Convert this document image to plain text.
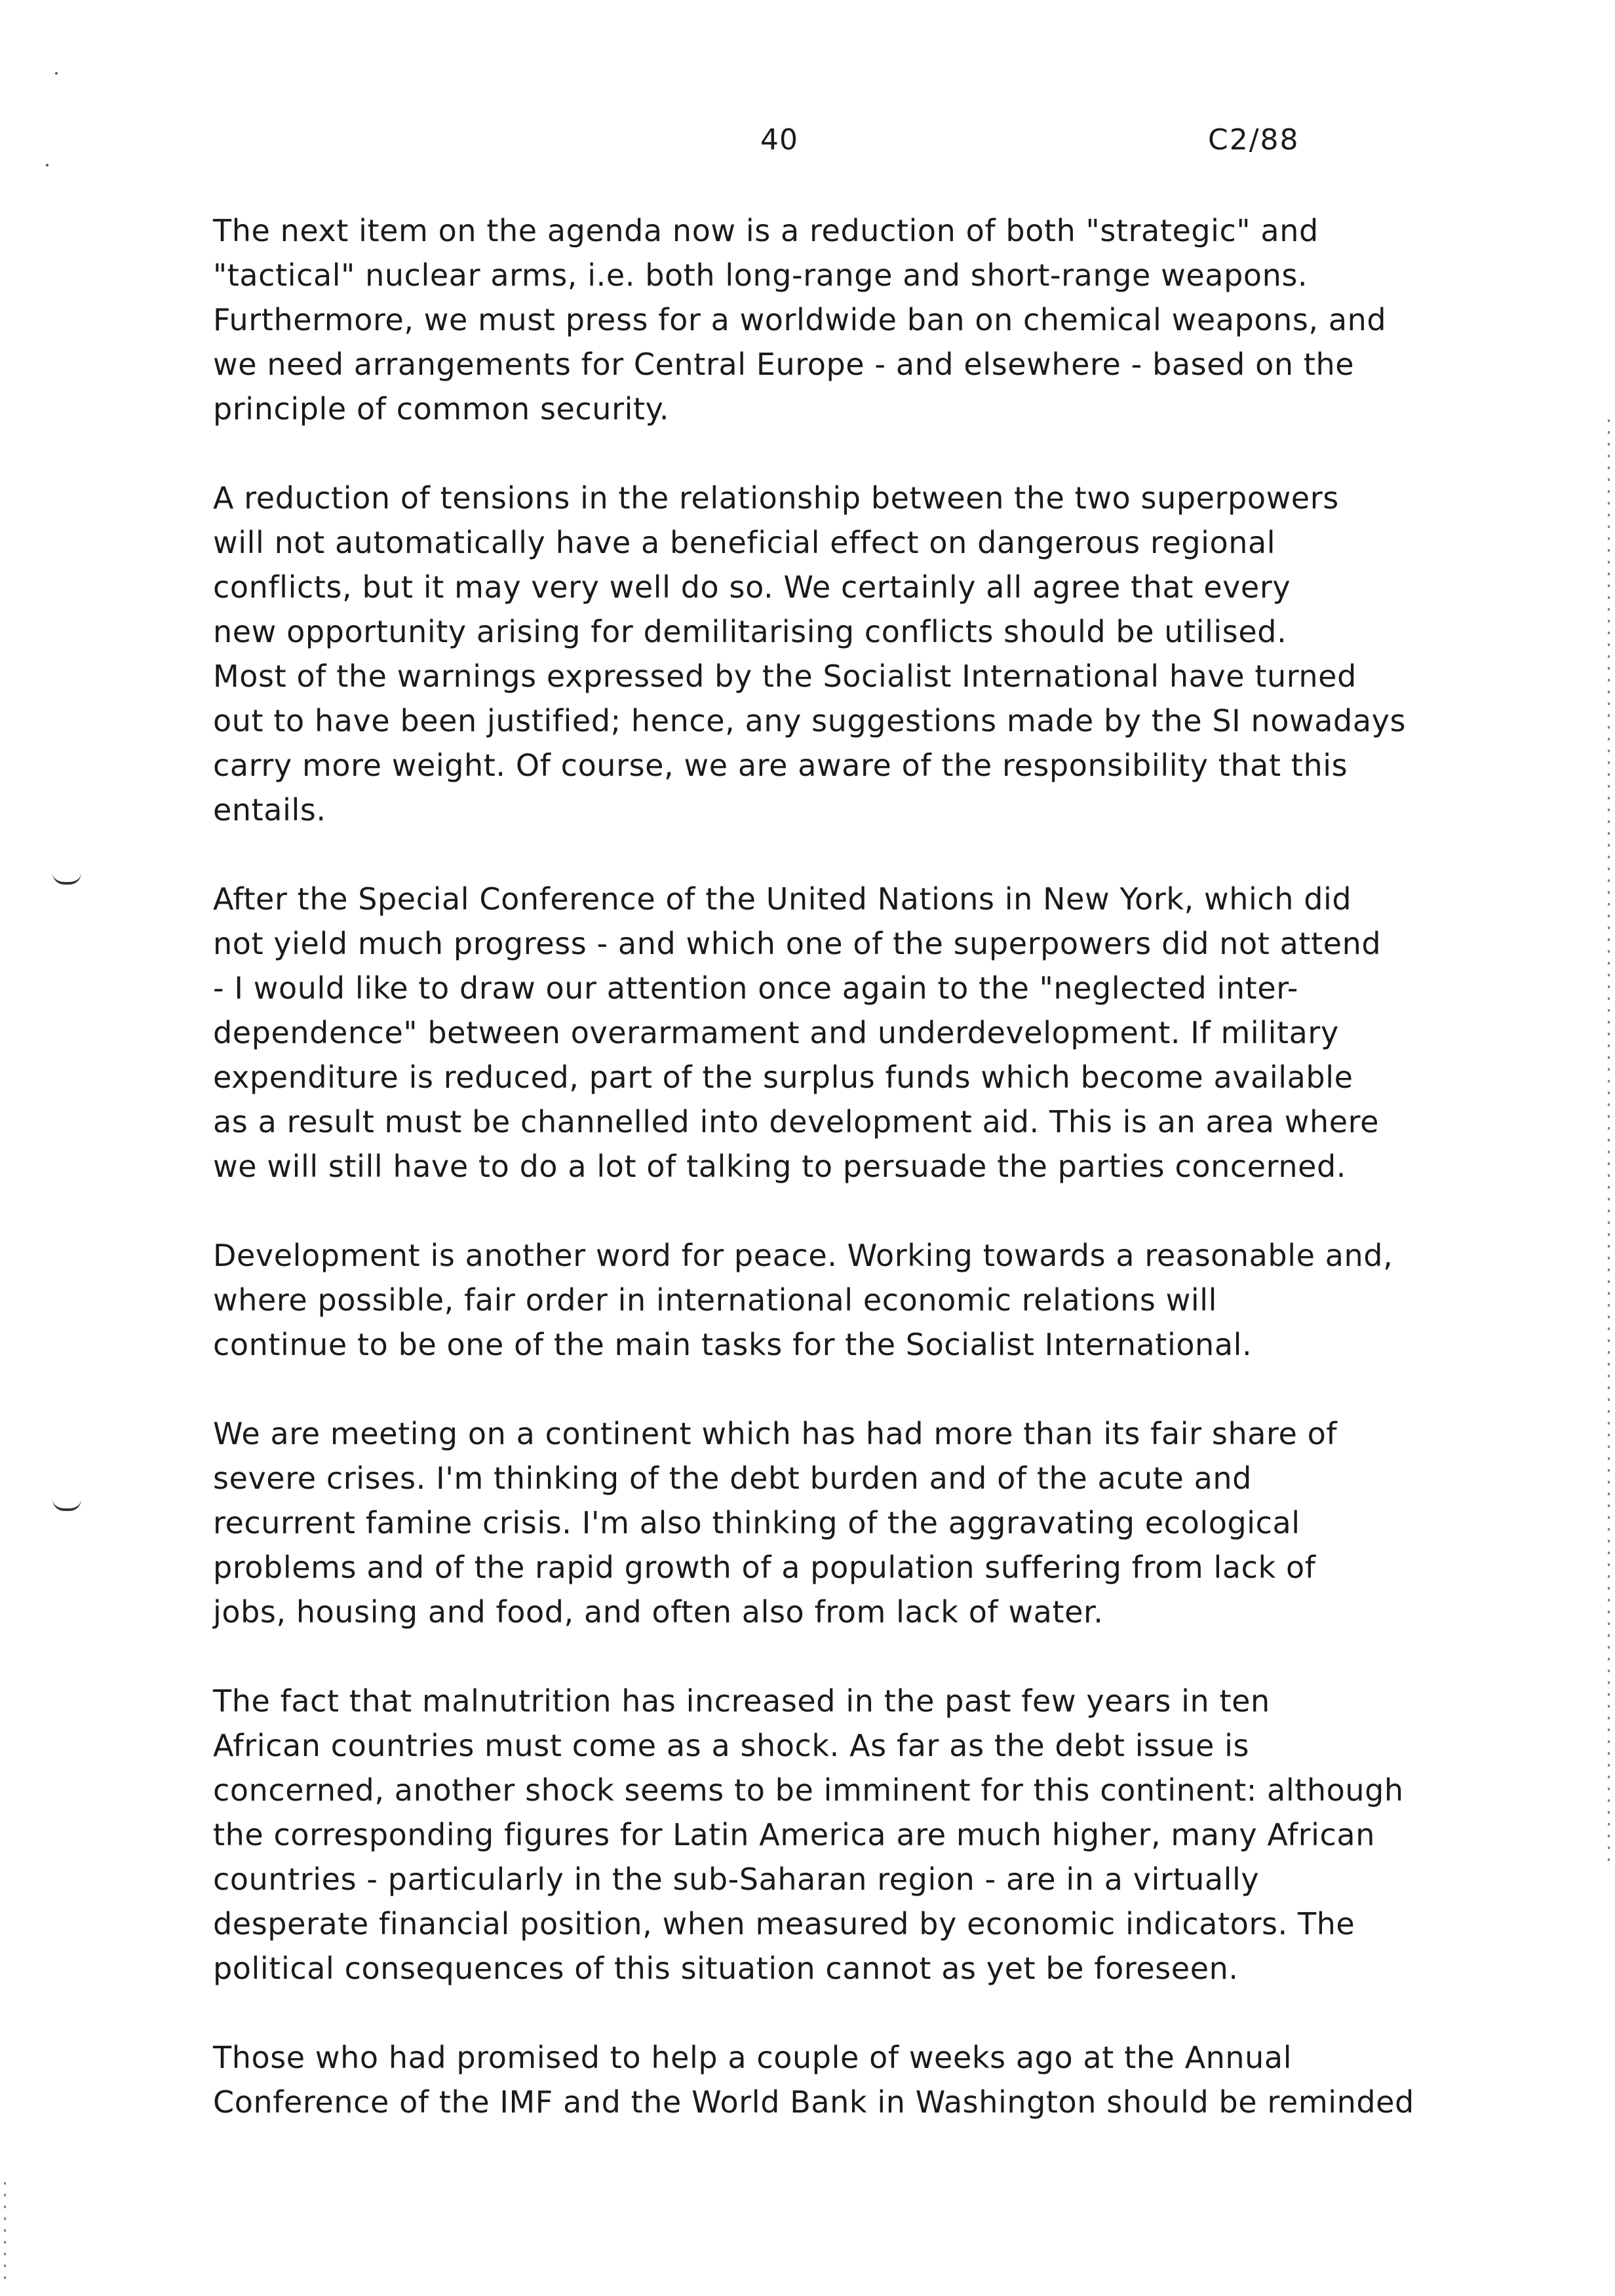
40	C2/88

The next item on the agenda now is a reduction of both "strategic" and
"tactical" nuclear arms, i.e. both long-range and short-range weapons.
Furthermore, we must press for a worldwide ban on chemical weapons, and
we need arrangements for Central Europe - and elsewhere - based on the
principle of common security.

A reduction of tensions in the relationship between the two superpowers
will not automatically have a beneficial effect on dangerous regional
conflicts, but it may very well do so. We certainly all agree that every
new opportunity arising for demilitarising conflicts should be utilised.
Most of the warnings expressed by the Socialist International have turned
out to have been justified; hence, any suggestions made by the SI nowadays
carry more weight. Of course, we are aware of the responsibility that this
entails.

After the Special Conference of the United Nations in New York, which did
not yield much progress - and which one of the superpowers did not attend
- I would like to draw our attention once again to the "neglected inter-
dependence" between overarmament and underdevelopment. If military
expenditure is reduced, part of the surplus funds which become available
as a result must be channelled into development aid. This is an area where
we will still have to do a lot of talking to persuade the parties concerned.

Development is another word for peace. Working towards a reasonable and,
where possible, fair order in international economic relations will
continue to be one of the main tasks for the Socialist International.

We are meeting on a continent which has had more than its fair share of
severe crises. I'm thinking of the debt burden and of the acute and
recurrent famine crisis. I'm also thinking of the aggravating ecological
problems and of the rapid growth of a population suffering from lack of
jobs, housing and food, and often also from lack of water.

The fact that malnutrition has increased in the past few years in ten
African countries must come as a shock. As far as the debt issue is
concerned, another shock seems to be imminent for this continent: although
the corresponding figures for Latin America are much higher, many African
countries - particularly in the sub-Saharan region - are in a virtually
desperate financial position, when measured by economic indicators. The
political consequences of this situation cannot as yet be foreseen.

Those who had promised to help a couple of weeks ago at the Annual
Conference of the IMF and the World Bank in Washington should be reminded
